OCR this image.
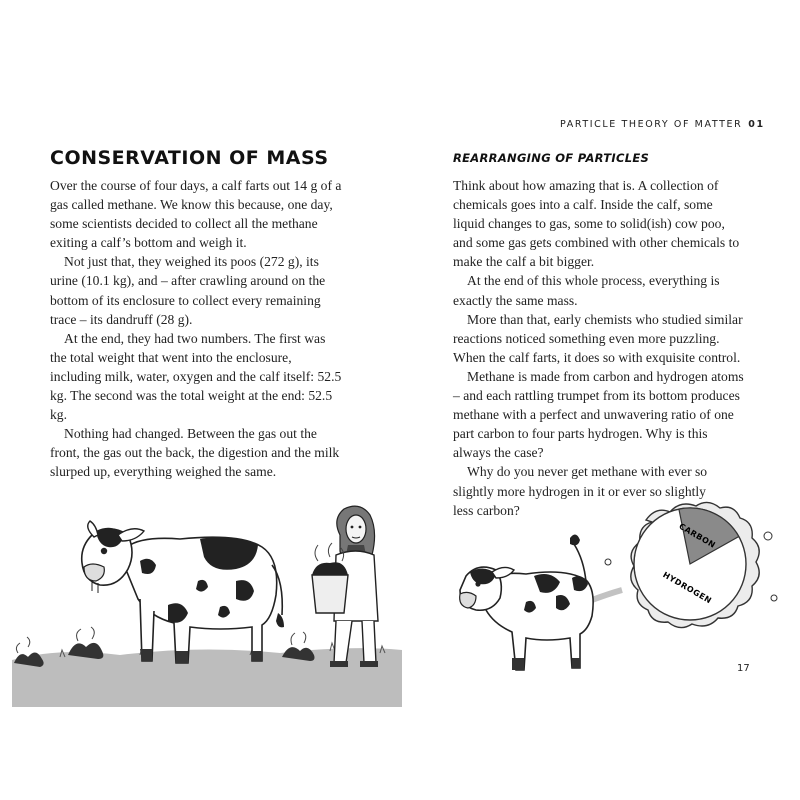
PARTICLE THEORY OF MATTER 01
CONSERVATION OF MASS	REARRANGING OF PARTICLES

Over the course of four days, a calf farts out 14 g of a gas called methane. We know this because, one day, some scientists decided to collect all the methane exiting a calf’s bottom and weigh it.

Not just that, they weighed its poos (272 g), its urine (10.1 kg), and – after crawling around on the bottom of its enclosure to collect every remaining trace – its dandruff (28 g).

At the end, they had two numbers. The first was the total weight that went into the enclosure, including milk, water, oxygen and the calf itself: 52.5 kg. The second was the total weight at the end: 52.5 kg.

Nothing had changed. Between the gas out the front, the gas out the back, the digestion and the milk slurped up, everything weighed the same.

Think about how amazing that is. A collection of chemicals goes into a calf. Inside the calf, some liquid changes to gas, some to solid(ish) cow poo, and some gas gets combined with other chemicals to make the calf a bit bigger.

At the end of this whole process, everything is exactly the same mass.

More than that, early chemists who studied similar reactions noticed something even more puzzling. When the calf farts, it does so with exquisite control.

Methane is made from carbon and hydrogen atoms – and each rattling trumpet from its bottom produces methane with a perfect and unwavering ratio of one part carbon to four parts hydrogen. Why is this always the case?

Why do you never get methane with ever so slightly more hydrogen in it or ever so slightly less carbon?

CARBON
HYDROGEN
17
